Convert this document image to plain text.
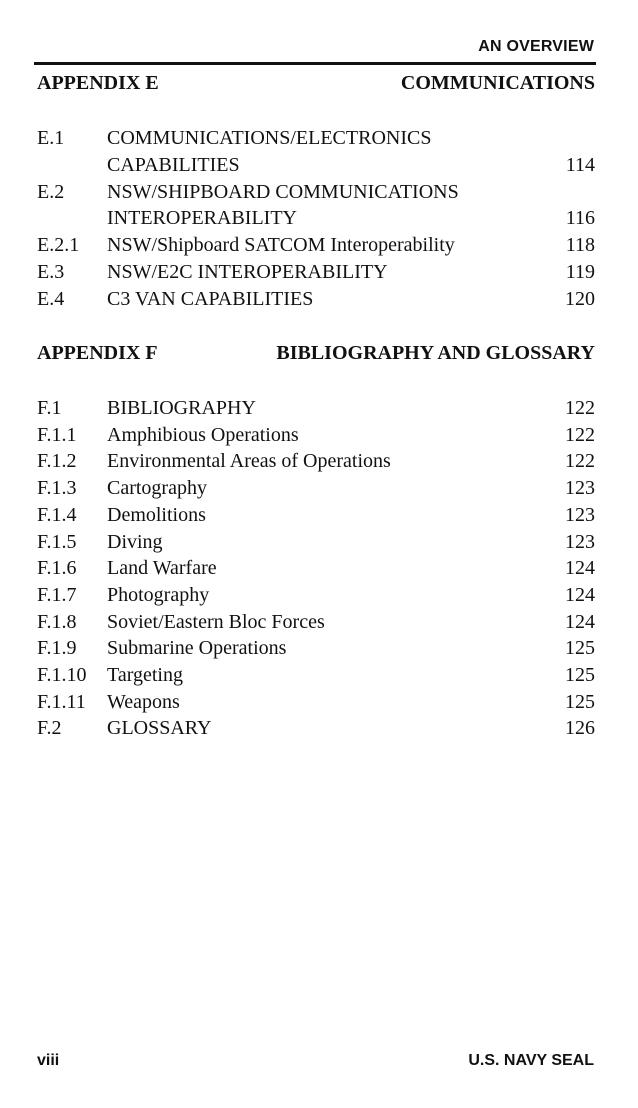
AN OVERVIEW
APPENDIX E	COMMUNICATIONS
E.1	COMMUNICATIONS/ELECTRONICS
CAPABILITIES	114
E.2	NSW/SHIPBOARD COMMUNICATIONS
INTEROPERABILITY	116
E.2.1	NSW/Shipboard SATCOM Interoperability	118
E.3	NSW/E2C INTEROPERABILITY	119
E.4	C3 VAN CAPABILITIES	120
APPENDIX F	BIBLIOGRAPHY AND GLOSSARY
F.1	BIBLIOGRAPHY	122
F.1.1	Amphibious Operations	122
F.1.2	Environmental Areas of Operations	122
F.1.3	Cartography	123
F.1.4	Demolitions	123
F.1.5	Diving	123
F.1.6	Land Warfare	124
F.1.7	Photography	124
F.1.8	Soviet/Eastern Bloc Forces	124
F.1.9	Submarine Operations	125
F.1.10	Targeting	125
F.1.11	Weapons	125
F.2	GLOSSARY	126
viii	U.S. NAVY SEAL
